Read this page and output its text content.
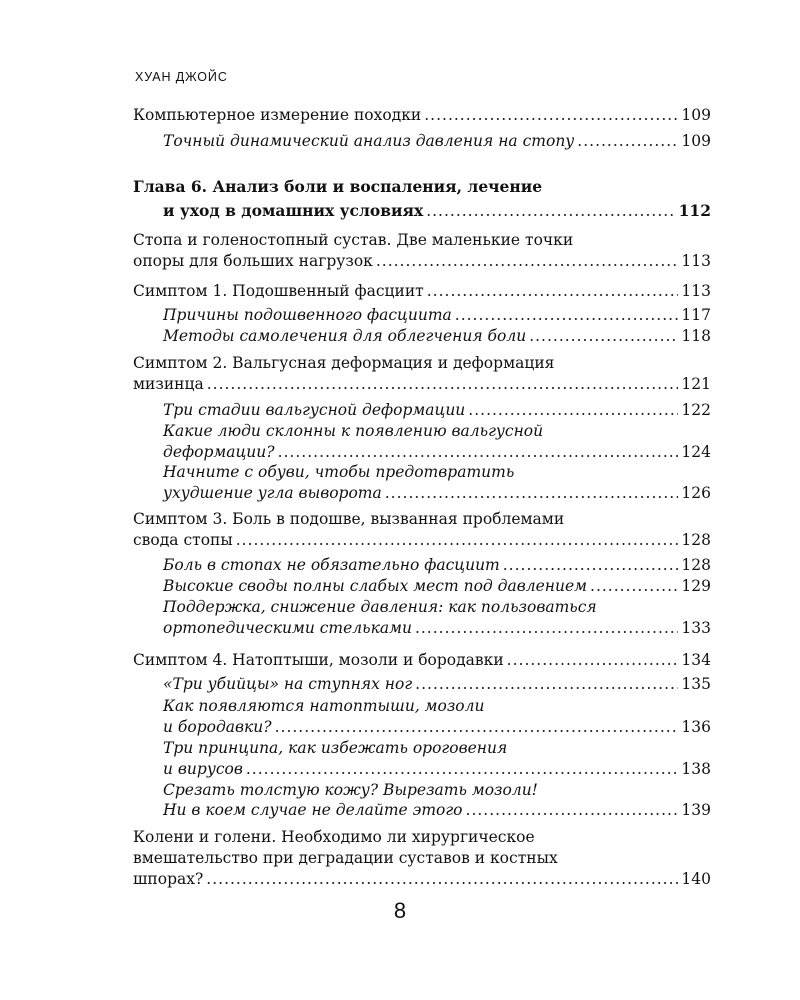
ХУАН ДЖОЙС
Компьютерное измерение походки .....	109
Точный динамический анализ давления на стопу .....	109
Глава 6. Анализ боли и воспаления, лечение
и уход в домашних условиях .....	112
Стопа и голеностопный сустав. Две маленькие точки
опоры для больших нагрузок .....	113
Симптом 1. Подошвенный фасциит .....	113
Причины подошвенного фасциита .....	117
Методы самолечения для облегчения боли .....	118
Симптом 2. Вальгусная деформация и деформация
мизинца .....	121
Три стадии вальгусной деформации .....	122
Какие люди склонны к появлению вальгусной
деформации? .....	124
Начните с обуви, чтобы предотвратить
ухудшение угла выворота .....	126
Симптом 3. Боль в подошве, вызванная проблемами
свода стопы .....	128
Боль в стопах не обязательно фасциит .....	128
Высокие своды полны слабых мест под давлением .....	129
Поддержка, снижение давления: как пользоваться
ортопедическими стельками .....	133
Симптом 4. Натоптыши, мозоли и бородавки .....	134
«Три убийцы» на ступнях ног .....	135
Как появляются натоптыши, мозоли
и бородавки? .....	136
Три принципа, как избежать ороговения
и вирусов .....	138
Срезать толстую кожу? Вырезать мозоли!
Ни в коем случае не делайте этого .....	139
Колени и голени. Необходимо ли хирургическое
вмешательство при деградации суставов и костных
шпорах? .....	140
8
